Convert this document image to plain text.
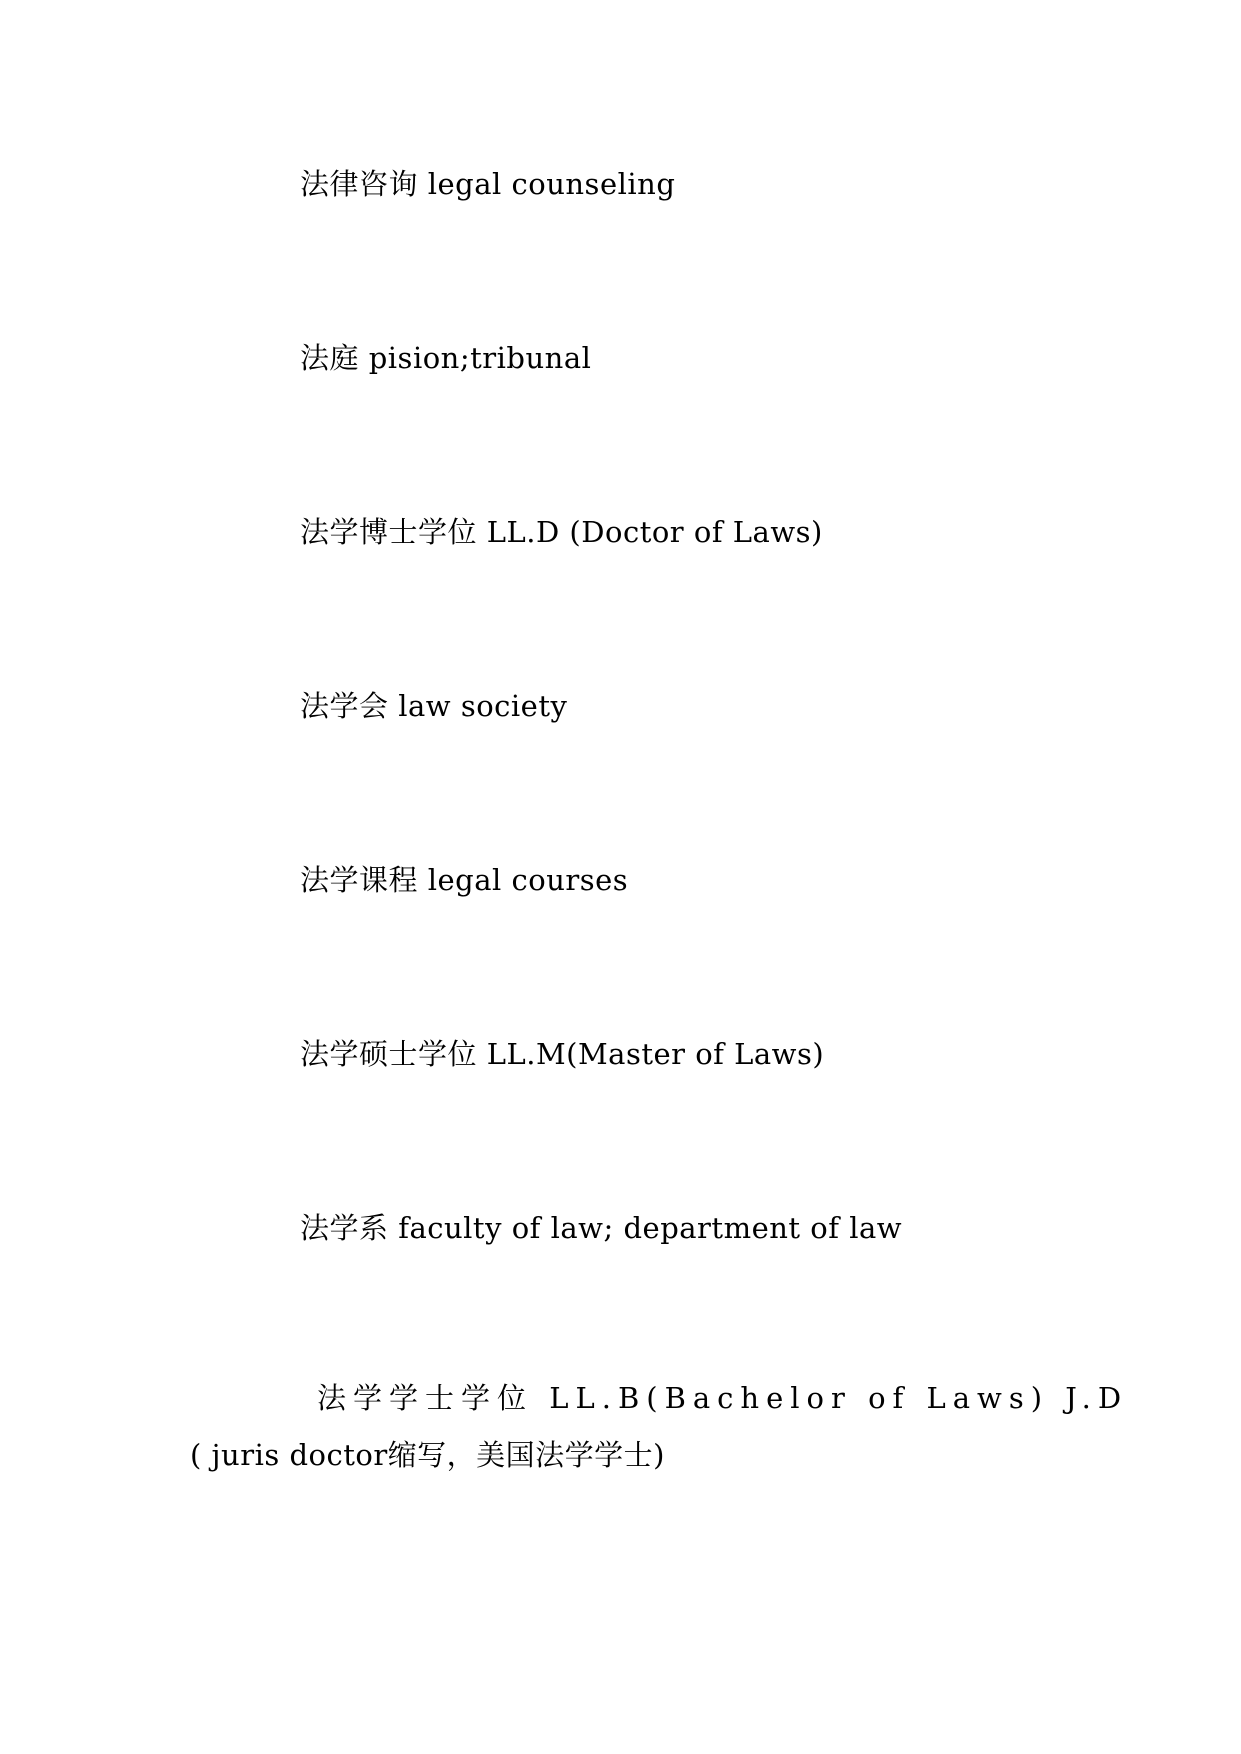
法律咨询 legal counseling
法庭 pision;tribunal
法学博士学位 LL.D (Doctor of Laws)
法学会 law society
法学课程 legal courses
法学硕士学位 LL.M(Master of Laws)
法学系 faculty of law; department of law
法学学士学位 LL.B(Bachelor of Laws) J.D
( juris doctor缩写，美国法学学士)
